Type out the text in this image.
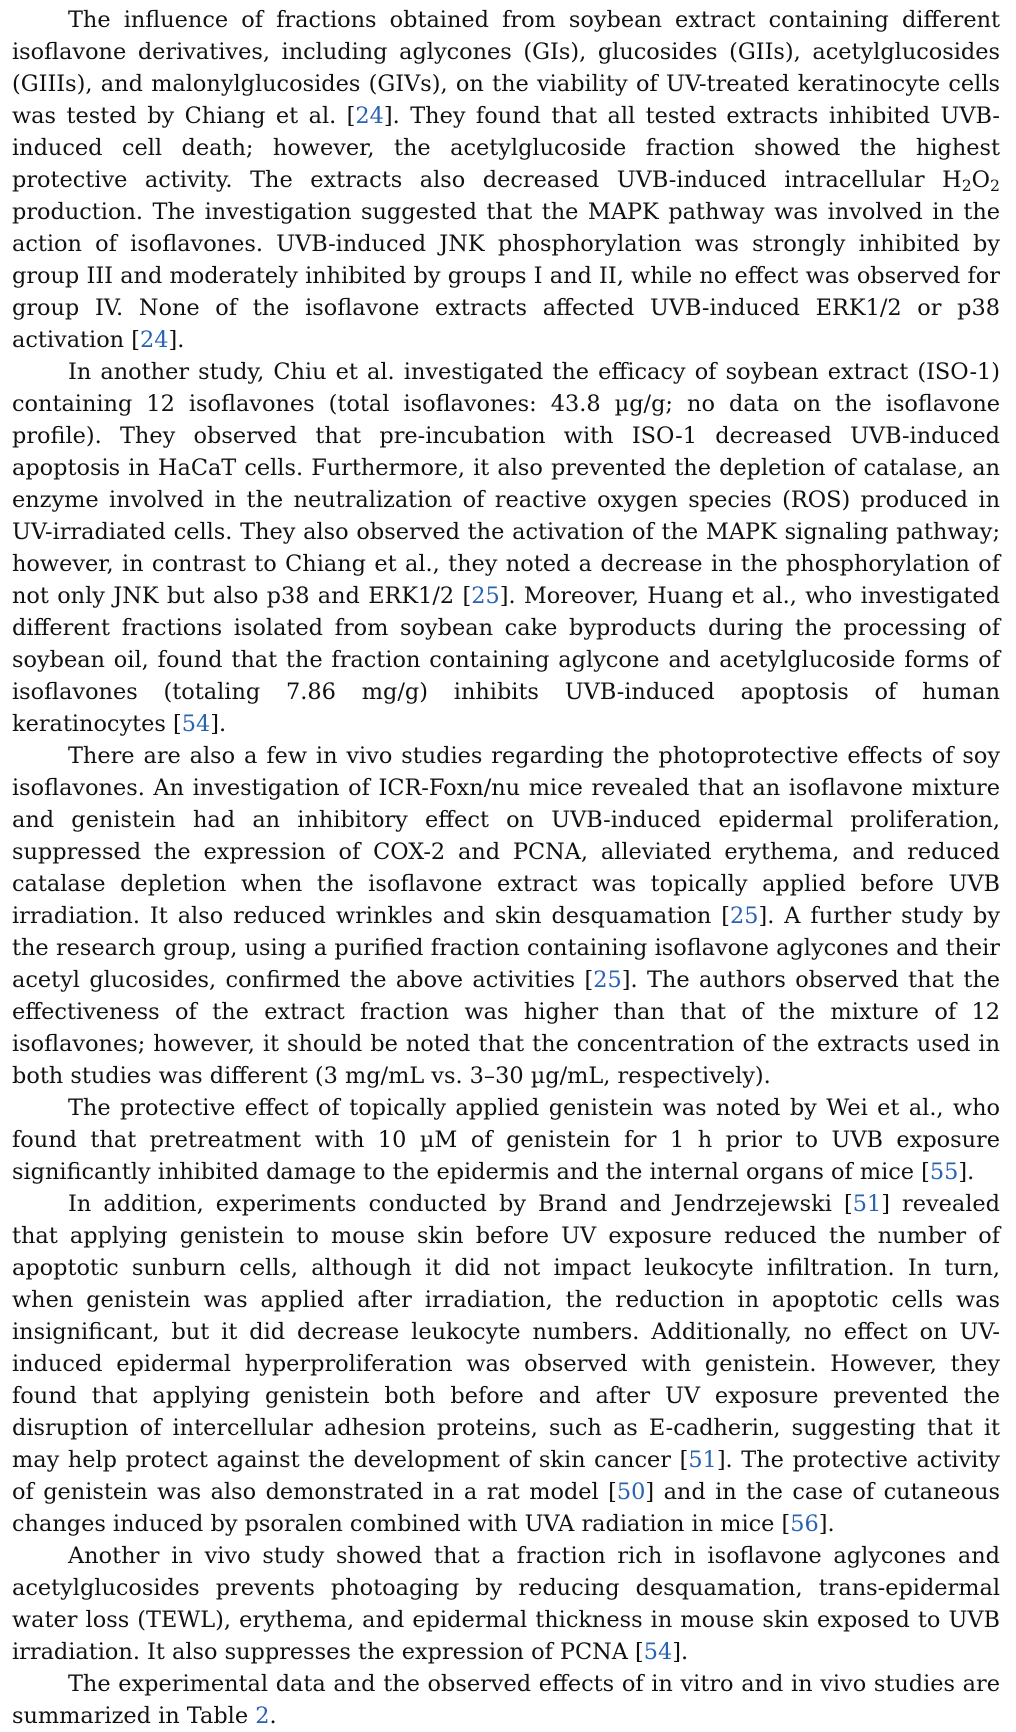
The influence of fractions obtained from soybean extract containing different isoflavone derivatives, including aglycones (GIs), glucosides (GIIs), acetylglucosides (GIIIs), and malonylglucosides (GIVs), on the viability of UV-treated keratinocyte cells was tested by Chiang et al. [24]. They found that all tested extracts inhibited UVB-induced cell death; however, the acetylglucoside fraction showed the highest protective activity. The extracts also decreased UVB-induced intracellular $H_2O_2$ production. The investigation suggested that the MAPK pathway was involved in the action of isoflavones. UVB-induced JNK phosphorylation was strongly inhibited by group III and moderately inhibited by groups I and II, while no effect was observed for group IV. None of the isoflavone extracts affected UVB-induced ERK1/2 or p38 activation [24].

In another study, Chiu et al. investigated the efficacy of soybean extract (ISO-1) containing 12 isoflavones (total isoflavones: 43.8 µg/g; no data on the isoflavone profile). They observed that pre-incubation with ISO-1 decreased UVB-induced apoptosis in HaCaT cells. Furthermore, it also prevented the depletion of catalase, an enzyme involved in the neutralization of reactive oxygen species (ROS) produced in UV-irradiated cells. They also observed the activation of the MAPK signaling pathway; however, in contrast to Chiang et al., they noted a decrease in the phosphorylation of not only JNK but also p38 and ERK1/2 [25]. Moreover, Huang et al., who investigated different fractions isolated from soybean cake byproducts during the processing of soybean oil, found that the fraction containing aglycone and acetylglucoside forms of isoflavones (totaling 7.86 mg/g) inhibits UVB-induced apoptosis of human keratinocytes [54].

There are also a few in vivo studies regarding the photoprotective effects of soy isoflavones. An investigation of ICR-Foxn/nu mice revealed that an isoflavone mixture and genistein had an inhibitory effect on UVB-induced epidermal proliferation, suppressed the expression of COX-2 and PCNA, alleviated erythema, and reduced catalase depletion when the isoflavone extract was topically applied before UVB irradiation. It also reduced wrinkles and skin desquamation [25]. A further study by the research group, using a purified fraction containing isoflavone aglycones and their acetyl glucosides, confirmed the above activities [25]. The authors observed that the effectiveness of the extract fraction was higher than that of the mixture of 12 isoflavones; however, it should be noted that the concentration of the extracts used in both studies was different (3 mg/mL vs. 3–30 µg/mL, respectively).

The protective effect of topically applied genistein was noted by Wei et al., who found that pretreatment with 10 µM of genistein for 1 h prior to UVB exposure significantly inhibited damage to the epidermis and the internal organs of mice [55].

In addition, experiments conducted by Brand and Jendrzejewski [51] revealed that applying genistein to mouse skin before UV exposure reduced the number of apoptotic sunburn cells, although it did not impact leukocyte infiltration. In turn, when genistein was applied after irradiation, the reduction in apoptotic cells was insignificant, but it did decrease leukocyte numbers. Additionally, no effect on UV-induced epidermal hyperproliferation was observed with genistein. However, they found that applying genistein both before and after UV exposure prevented the disruption of intercellular adhesion proteins, such as E-cadherin, suggesting that it may help protect against the development of skin cancer [51]. The protective activity of genistein was also demonstrated in a rat model [50] and in the case of cutaneous changes induced by psoralen combined with UVA radiation in mice [56].

Another in vivo study showed that a fraction rich in isoflavone aglycones and acetylglucosides prevents photoaging by reducing desquamation, trans-epidermal water loss (TEWL), erythema, and epidermal thickness in mouse skin exposed to UVB irradiation. It also suppresses the expression of PCNA [54].

The experimental data and the observed effects of in vitro and in vivo studies are summarized in Table 2.
